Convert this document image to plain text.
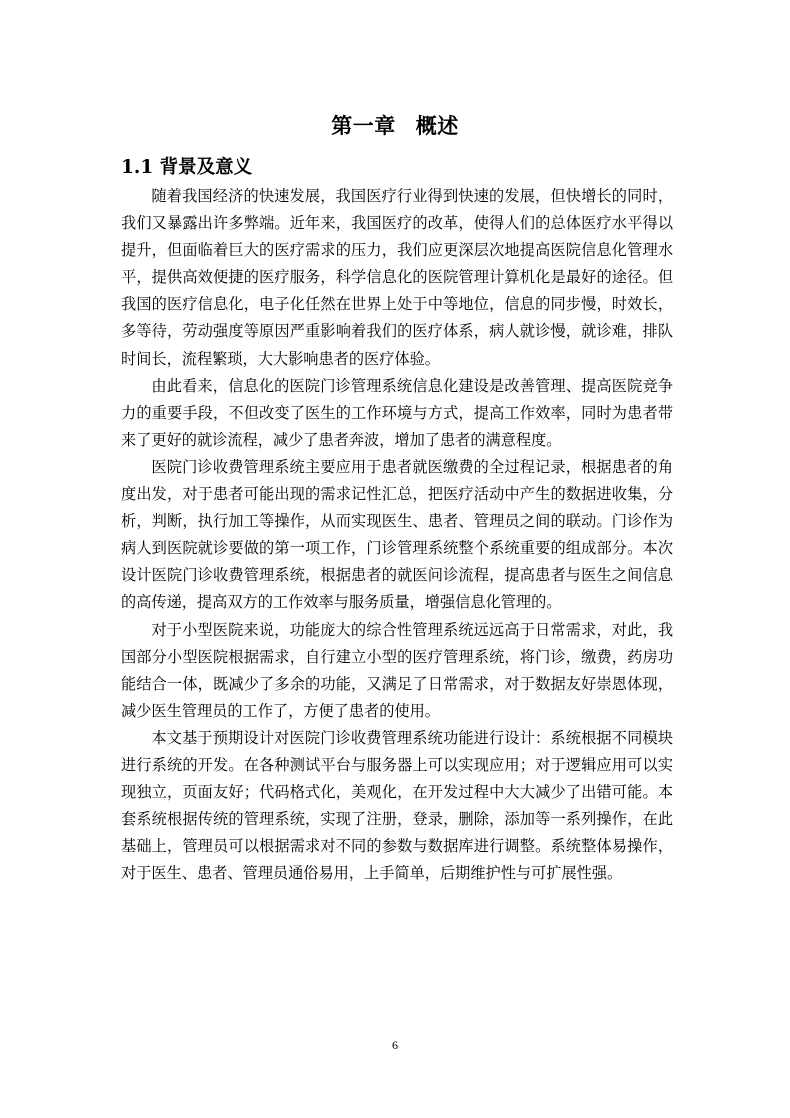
第一章 概述
1.1 背景及意义

随着我国经济的快速发展，我国医疗行业得到快速的发展，但快增长的同时，我们又暴露出许多弊端。近年来，我国医疗的改革，使得人们的总体医疗水平得以提升，但面临着巨大的医疗需求的压力，我们应更深层次地提高医院信息化管理水平，提供高效便捷的医疗服务，科学信息化的医院管理计算机化是最好的途径。但我国的医疗信息化，电子化任然在世界上处于中等地位，信息的同步慢，时效长，多等待，劳动强度等原因严重影响着我们的医疗体系，病人就诊慢，就诊难，排队时间长，流程繁琐，大大影响患者的医疗体验。

由此看来，信息化的医院门诊管理系统信息化建设是改善管理、提高医院竞争力的重要手段，不但改变了医生的工作环境与方式，提高工作效率，同时为患者带来了更好的就诊流程，减少了患者奔波，增加了患者的满意程度。

医院门诊收费管理系统主要应用于患者就医缴费的全过程记录，根据患者的角度出发，对于患者可能出现的需求记性汇总，把医疗活动中产生的数据进收集，分析，判断，执行加工等操作，从而实现医生、患者、管理员之间的联动。门诊作为病人到医院就诊要做的第一项工作，门诊管理系统整个系统重要的组成部分。本次设计医院门诊收费管理系统，根据患者的就医问诊流程，提高患者与医生之间信息的高传递，提高双方的工作效率与服务质量，增强信息化管理的。

对于小型医院来说，功能庞大的综合性管理系统远远高于日常需求，对此，我国部分小型医院根据需求，自行建立小型的医疗管理系统，将门诊，缴费，药房功能结合一体，既减少了多余的功能，又满足了日常需求，对于数据友好崇恩体现，减少医生管理员的工作了，方便了患者的使用。

本文基于预期设计对医院门诊收费管理系统功能进行设计：系统根据不同模块进行系统的开发。在各种测试平台与服务器上可以实现应用；对于逻辑应用可以实现独立，页面友好；代码格式化，美观化，在开发过程中大大减少了出错可能。本套系统根据传统的管理系统，实现了注册，登录，删除，添加等一系列操作，在此基础上，管理员可以根据需求对不同的参数与数据库进行调整。系统整体易操作，对于医生、患者、管理员通俗易用，上手简单，后期维护性与可扩展性强。

6
